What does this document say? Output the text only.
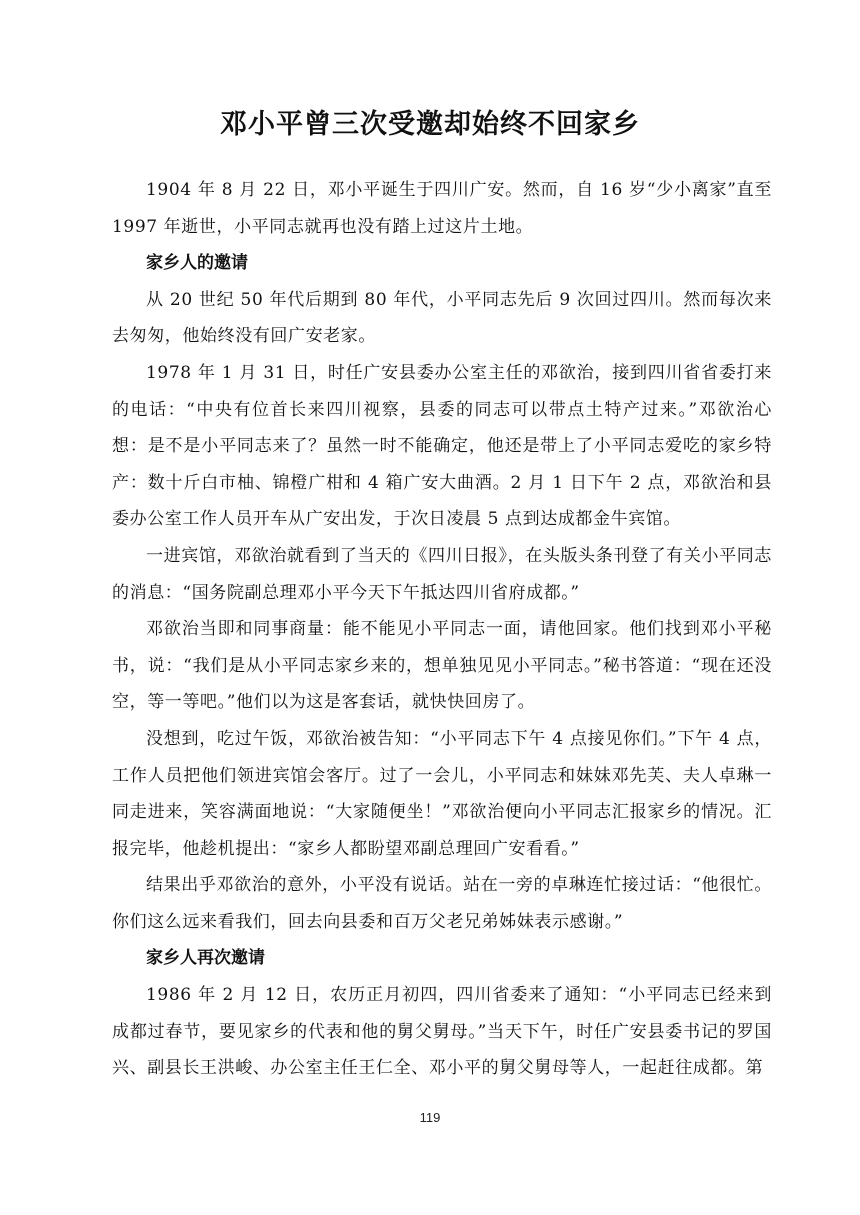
邓小平曾三次受邀却始终不回家乡

1904 年 8 月 22 日，邓小平诞生于四川广安。然而，自 16 岁“少小离家”直至 1997 年逝世，小平同志就再也没有踏上过这片土地。

家乡人的邀请

从 20 世纪 50 年代后期到 80 年代，小平同志先后 9 次回过四川。然而每次来去匆匆，他始终没有回广安老家。

1978 年 1 月 31 日，时任广安县委办公室主任的邓欲治，接到四川省省委打来的电话：“中央有位首长来四川视察，县委的同志可以带点土特产过来。”邓欲治心想：是不是小平同志来了？虽然一时不能确定，他还是带上了小平同志爱吃的家乡特产：数十斤白市柚、锦橙广柑和 4 箱广安大曲酒。2 月 1 日下午 2 点，邓欲治和县委办公室工作人员开车从广安出发，于次日凌晨 5 点到达成都金牛宾馆。

一进宾馆，邓欲治就看到了当天的《四川日报》，在头版头条刊登了有关小平同志的消息：“国务院副总理邓小平今天下午抵达四川省府成都。”

邓欲治当即和同事商量：能不能见小平同志一面，请他回家。他们找到邓小平秘书，说：“我们是从小平同志家乡来的，想单独见见小平同志。”秘书答道：“现在还没空，等一等吧。”他们以为这是客套话，就快快回房了。

没想到，吃过午饭，邓欲治被告知：“小平同志下午 4 点接见你们。”下午 4 点，工作人员把他们领进宾馆会客厅。过了一会儿，小平同志和妹妹邓先芙、夫人卓琳一同走进来，笑容满面地说：“大家随便坐！”邓欲治便向小平同志汇报家乡的情况。汇报完毕，他趁机提出：“家乡人都盼望邓副总理回广安看看。”

结果出乎邓欲治的意外，小平没有说话。站在一旁的卓琳连忙接过话：“他很忙。你们这么远来看我们，回去向县委和百万父老兄弟姊妹表示感谢。”

家乡人再次邀请

1986 年 2 月 12 日，农历正月初四，四川省委来了通知：“小平同志已经来到成都过春节，要见家乡的代表和他的舅父舅母。”当天下午，时任广安县委书记的罗国兴、副县长王洪峻、办公室主任王仁全、邓小平的舅父舅母等人，一起赶往成都。第

119
